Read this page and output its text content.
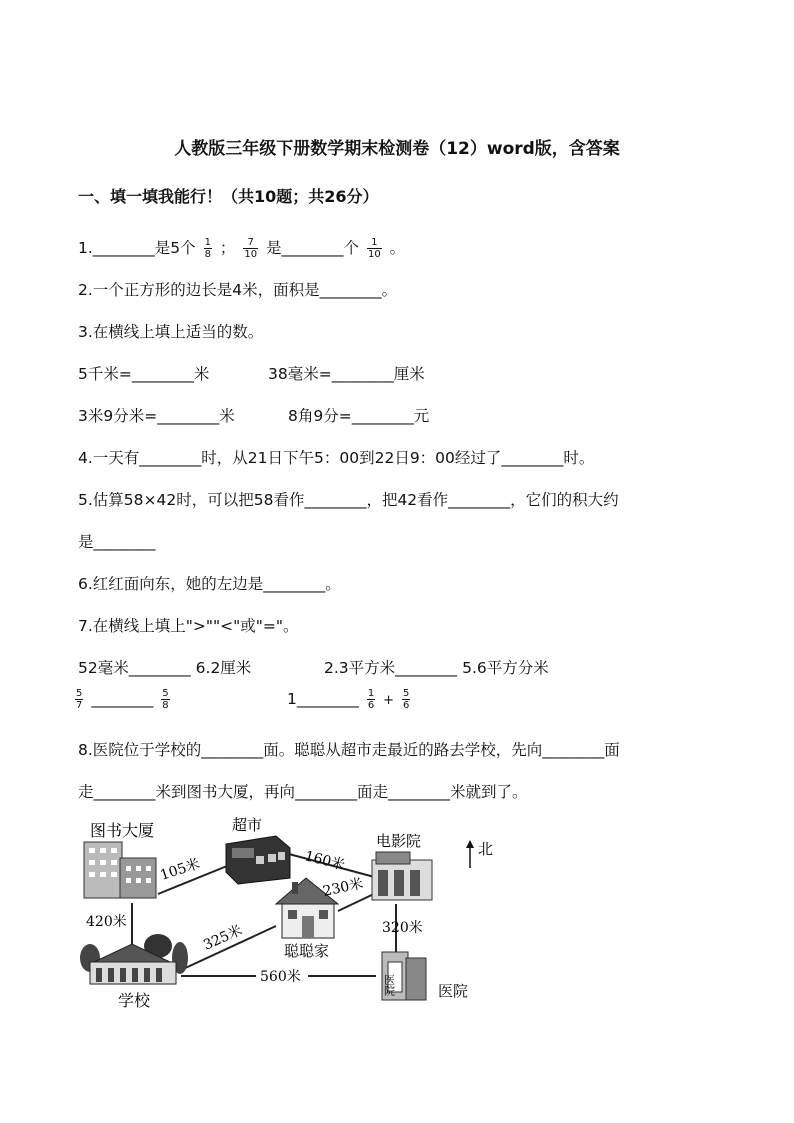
人教版三年级下册数学期末检测卷（12）word版，含答案
一、填一填我能行！（共10题；共26分）
1.________是5个 $\frac{1}{8}$ ； $\frac{7}{10}$ 是________个 $\frac{1}{10}$ 。
2.一个正方形的边长是4米，面积是________。
3.在横线上填上适当的数。
5千米=________米	38毫米=________厘米
3米9分米=________米	8角9分=________元
4.一天有________时，从21日下午5：00到22日9：00经过了________时。
5.估算58×42时，可以把58看作________，把42看作________，它们的积大约
是________
6.红红面向东，她的左边是________。
7.在横线上填上">""<"或"="。
52毫米________ 6.2厘米	2.3平方米________ 5.6平方分米
$\frac{5}{7}$ ________ $\frac{5}{8}$	1________ $\frac{1}{6} + \frac{5}{6}$
8.医院位于学校的________面。聪聪从超市走最近的路去学校，先向________面
走________米到图书大厦，再向________面走________米就到了。
图书大厦	超市
电影院
聪聪家
学校
医院	医院
北
105米	160米
230米
420米
325米	320米
560米
